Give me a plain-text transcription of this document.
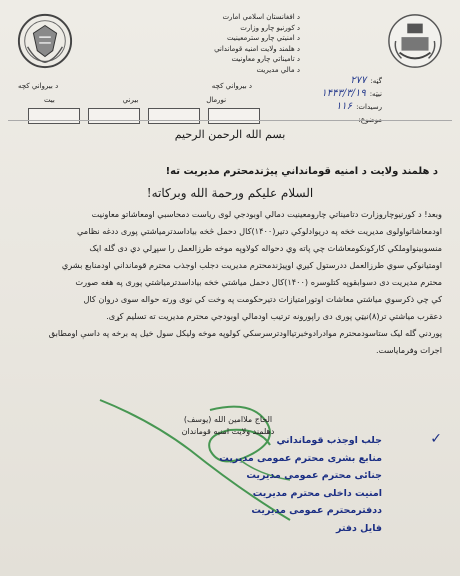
د افغانستان اسلامي امارت
د کورنیو چارو وزارت
د امنیتي چارو سترمعینیت
د هلمند ولایت امنیه قومانداني
د تامیناتي چارو معاونیت
د مالي مدیریت
گڼه:
۲۷۷
نیټه:
۱۴۴۳/۳/۱۹
رسیدات:
۱۱۶
موضوع:
د بیرواني کچه
د بیرواني کچه
نورمال
بیرني
بیت
بسم الله الرحمن الرحيم
د هلمند ولایت د امنیه قومانداني پیژندمحترم مدیریت ته!
السلام علیکم ورحمة الله وبرکاته!

وبعد! د کورنیوچاروزارت دتامیناتي چارومعینیت دمالي اوبودجي لوی ریاست دمحاسبي اومعاشاتو معاونیت

اودمعاشاتواولوی مدیریت خخه په دریوادلوکي دتیر(۱۴۰۰)کال دحمل څخه بیاداسدترمیاشتي پوری ددغه نظامي

منسوبینواوملکي کارکونکومعاشات چي پاته وي دحواله کولاوپه موخه طرزالعمل را سپړلي دي دی گله ایک

اومتیانوکي سوي طرزالعمل ددرستول کیږي اوپیژندمحترم مدیریت دجلب اوجذب محترم قومانداني اودمنابع بشري

محترم مدیریت دی دسوابقوپه کتلوسره (۱۴۰۰)کال دحمل میاشتي خخه بیاداسدترمیاشتي پوری په هغه صورت

کي چي ذکرسوي میاشتي معاشات اوتورامتیازات دتیرحکومت په وخت کي نوی ورته حواله سوی دروان کال

دعقرب میاشتي تر(۸)نیټي پوری دی راپورونه ترتیب اودمالي اوبودجي محترم مدیریت ته تسلیم کړی.

پوردني گله لیک ستاسودمحترم موادرادوخبرتیااودترسرسکي کولوپه موخه ولیکل سول خیل په برخه په داسې اومطابق

اجرات وفرمایاست.

الحاج ملاامین الله (یوسف)
دهلمند ولایت امنیه قوماندان	✓
جلب اوجذب قومانداني
منابع بشری محترم عمومی مدیریت
جنائی محترم عمومی مدیریت
امنیت داخلی محترم مدیریت
ددفترمحترم عمومی مدیریت
فایل دفتر
